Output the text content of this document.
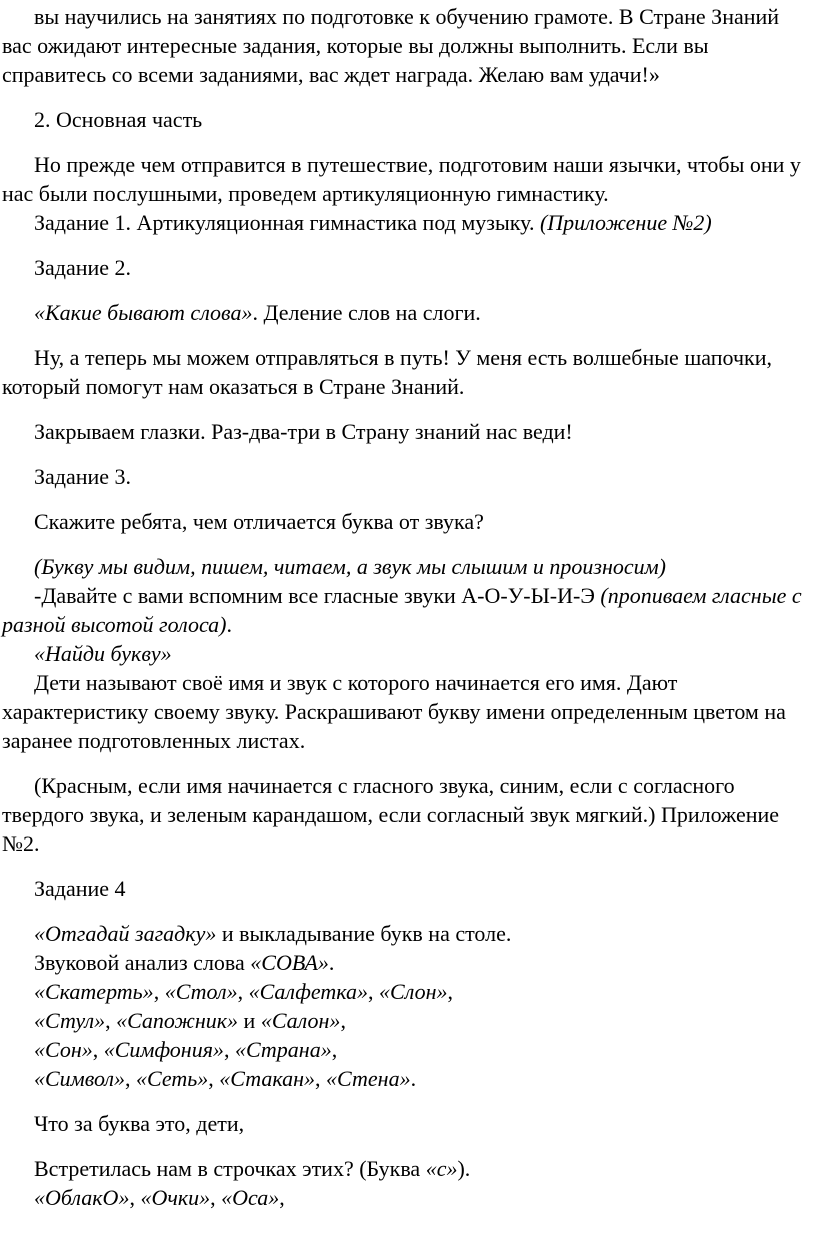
вы научились на занятиях по подготовке к обучению грамоте. В Стране Знаний вас ожидают интересные задания, которые вы должны выполнить. Если вы справитесь со всеми заданиями, вас ждет награда. Желаю вам удачи!»

2. Основная часть

Но прежде чем отправится в путешествие, подготовим наши язычки, чтобы они у нас были послушными, проведем артикуляционную гимнастику.

Задание 1. Артикуляционная гимнастика под музыку. (Приложение №2)

Задание 2.

«Какие бывают слова». Деление слов на слоги.

Ну, а теперь мы можем отправляться в путь! У меня есть волшебные шапочки, который помогут нам оказаться в Стране Знаний.

Закрываем глазки. Раз-два-три в Страну знаний нас веди!

Задание 3.

Скажите ребята, чем отличается буква от звука?

(Букву мы видим, пишем, читаем, а звук мы слышим и произносим)

-Давайте с вами вспомним все гласные звуки А-О-У-Ы-И-Э (пропиваем гласные с разной высотой голоса).

«Найди букву»

Дети называют своё имя и звук с которого начинается его имя. Дают характеристику своему звуку. Раскрашивают букву имени определенным цветом на заранее подготовленных листах.

(Красным, если имя начинается с гласного звука, синим, если с согласного твердого звука, и зеленым карандашом, если согласный звук мягкий.) Приложение №2.

Задание 4

«Отгадай загадку» и выкладывание букв на столе.

Звуковой анализ слова «СОВА».

«Скатерть», «Стол», «Салфетка», «Слон»,

«Стул», «Сапожник» и «Салон»,

«Сон», «Симфония», «Страна»,

«Символ», «Сеть», «Стакан», «Стена».

Что за буква это, дети,

Встретилась нам в строчках этих? (Буква «с»).

«ОблакО», «Очки», «Оса»,
